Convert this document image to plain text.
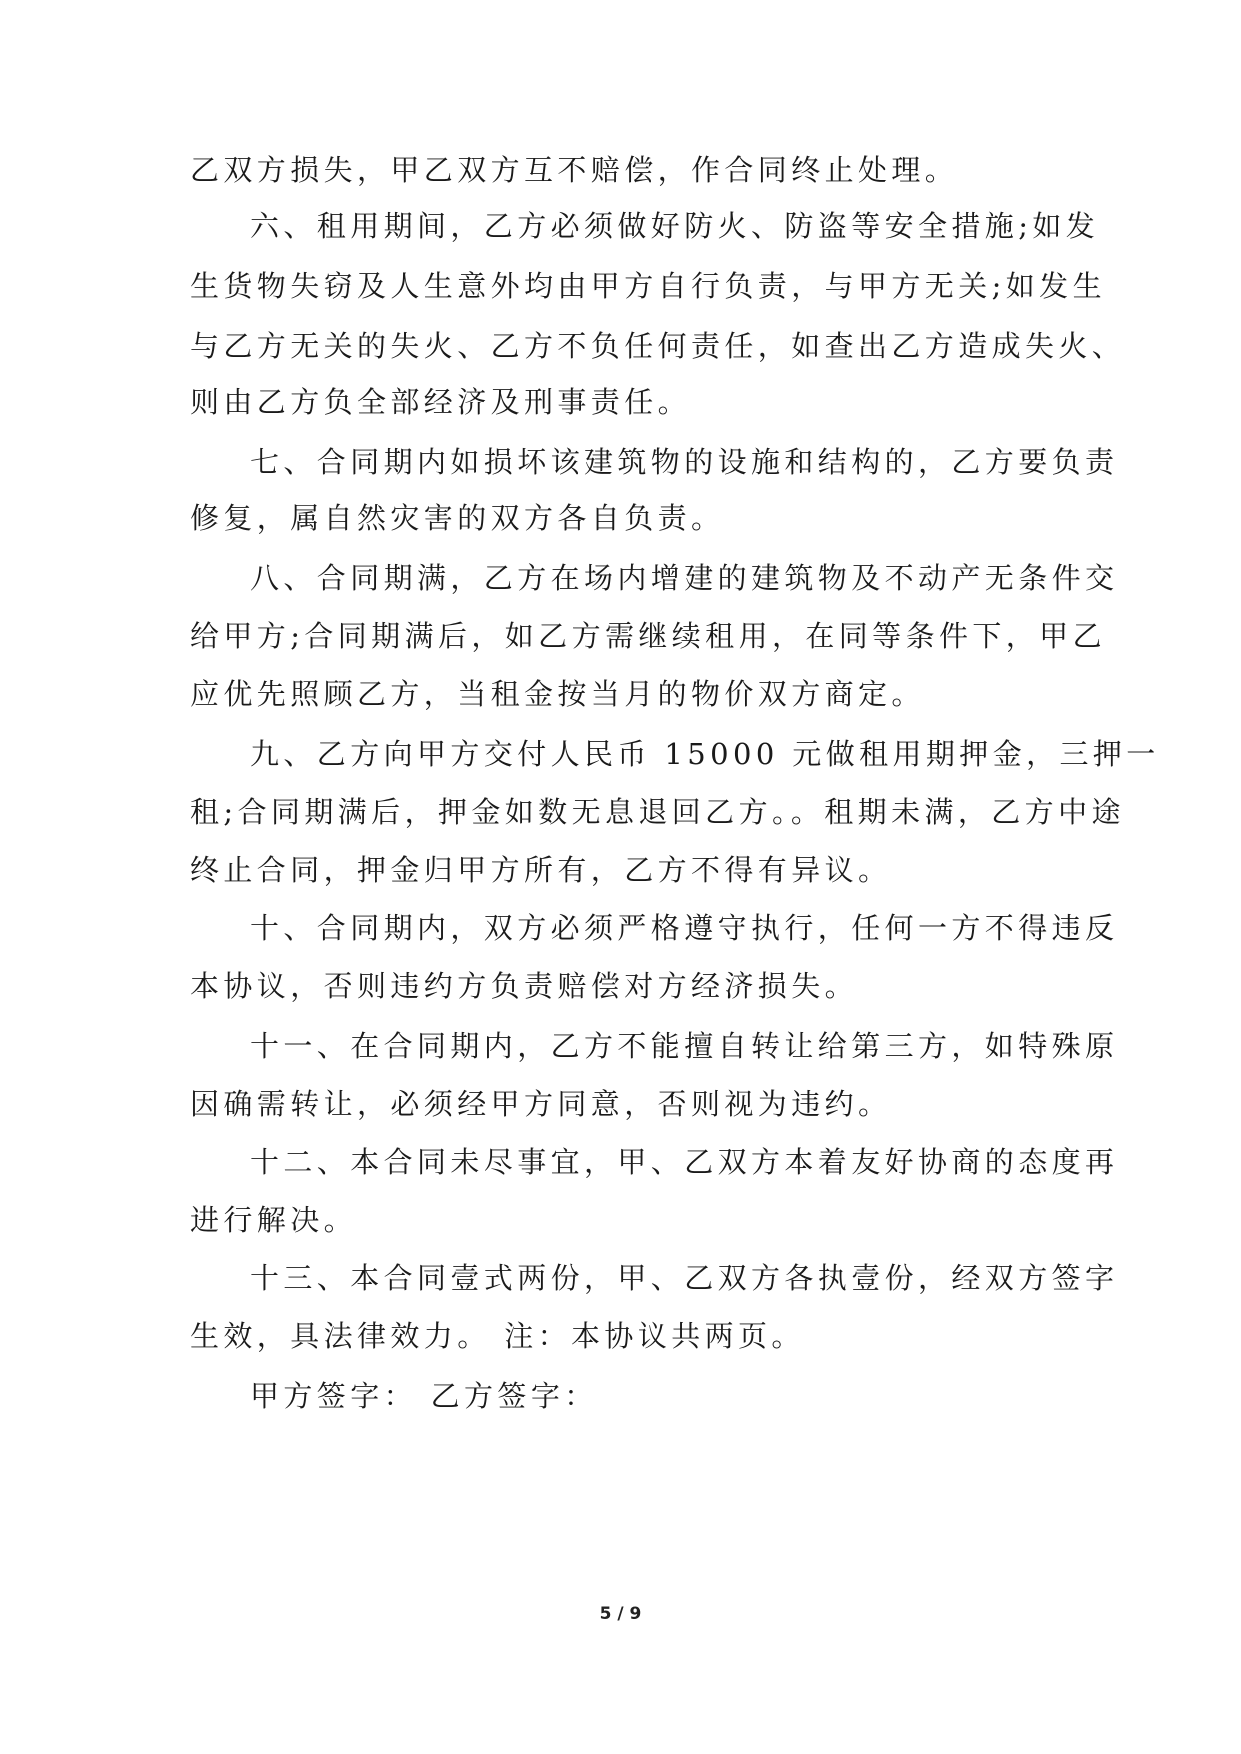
乙双方损失，甲乙双方互不赔偿，作合同终止处理。
六、租用期间，乙方必须做好防火、防盗等安全措施;如发
生货物失窃及人生意外均由甲方自行负责，与甲方无关;如发生
与乙方无关的失火、乙方不负任何责任，如查出乙方造成失火、
则由乙方负全部经济及刑事责任。
七、合同期内如损坏该建筑物的设施和结构的，乙方要负责
修复，属自然灾害的双方各自负责。
八、合同期满，乙方在场内增建的建筑物及不动产无条件交
给甲方;合同期满后，如乙方需继续租用，在同等条件下，甲乙
应优先照顾乙方，当租金按当月的物价双方商定。
九、乙方向甲方交付人民币 15000 元做租用期押金，三押一
租;合同期满后，押金如数无息退回乙方。。租期未满，乙方中途
终止合同，押金归甲方所有，乙方不得有异议。
十、合同期内，双方必须严格遵守执行，任何一方不得违反
本协议，否则违约方负责赔偿对方经济损失。
十一、在合同期内，乙方不能擅自转让给第三方，如特殊原
因确需转让，必须经甲方同意，否则视为违约。
十二、本合同未尽事宜，甲、乙双方本着友好协商的态度再
进行解决。
十三、本合同壹式两份，甲、乙双方各执壹份，经双方签字
生效，具法律效力。 注：本协议共两页。
甲方签字： 乙方签字：
5 / 9
